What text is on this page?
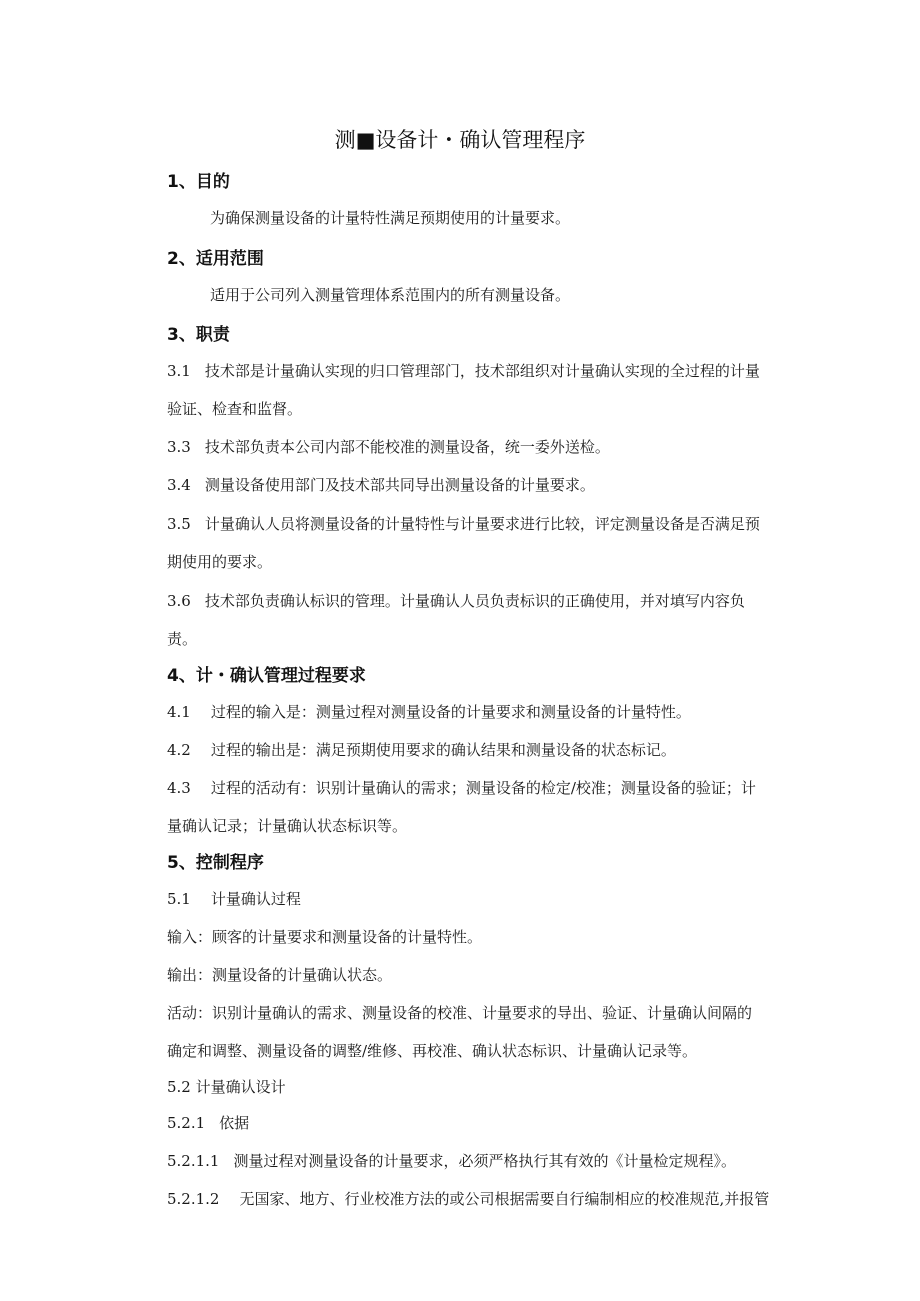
测■设备计・确认管理程序
1、目的
为确保测量设备的计量特性满足预期使用的计量要求。
2、适用范围
适用于公司列入测量管理体系范围内的所有测量设备。
3、职责
3.1 技术部是计量确认实现的归口管理部门，技术部组织对计量确认实现的全过程的计量
验证、检查和监督。
3.3 技术部负责本公司内部不能校准的测量设备，统一委外送检。
3.4 测量设备使用部门及技术部共同导出测量设备的计量要求。
3.5 计量确认人员将测量设备的计量特性与计量要求进行比较，评定测量设备是否满足预
期使用的要求。
3.6 技术部负责确认标识的管理。计量确认人员负责标识的正确使用，并对填写内容负
责。
4、计・确认管理过程要求
4.1 过程的输入是：测量过程对测量设备的计量要求和测量设备的计量特性。
4.2 过程的输出是：满足预期使用要求的确认结果和测量设备的状态标记。
4.3 过程的活动有：识别计量确认的需求；测量设备的检定/校准；测量设备的验证；计
量确认记录；计量确认状态标识等。
5、控制程序
5.1 计量确认过程
输入：顾客的计量要求和测量设备的计量特性。
输出：测量设备的计量确认状态。
活动：识别计量确认的需求、测量设备的校准、计量要求的导出、验证、计量确认间隔的
确定和调整、测量设备的调整/维修、再校准、确认状态标识、计量确认记录等。
5.2 计量确认设计
5.2.1 依据
5.2.1.1 测量过程对测量设备的计量要求，必须严格执行其有效的《计量检定规程》。
5.2.1.2 无国家、地方、行业校准方法的或公司根据需要自行编制相应的校准规范,并报管
